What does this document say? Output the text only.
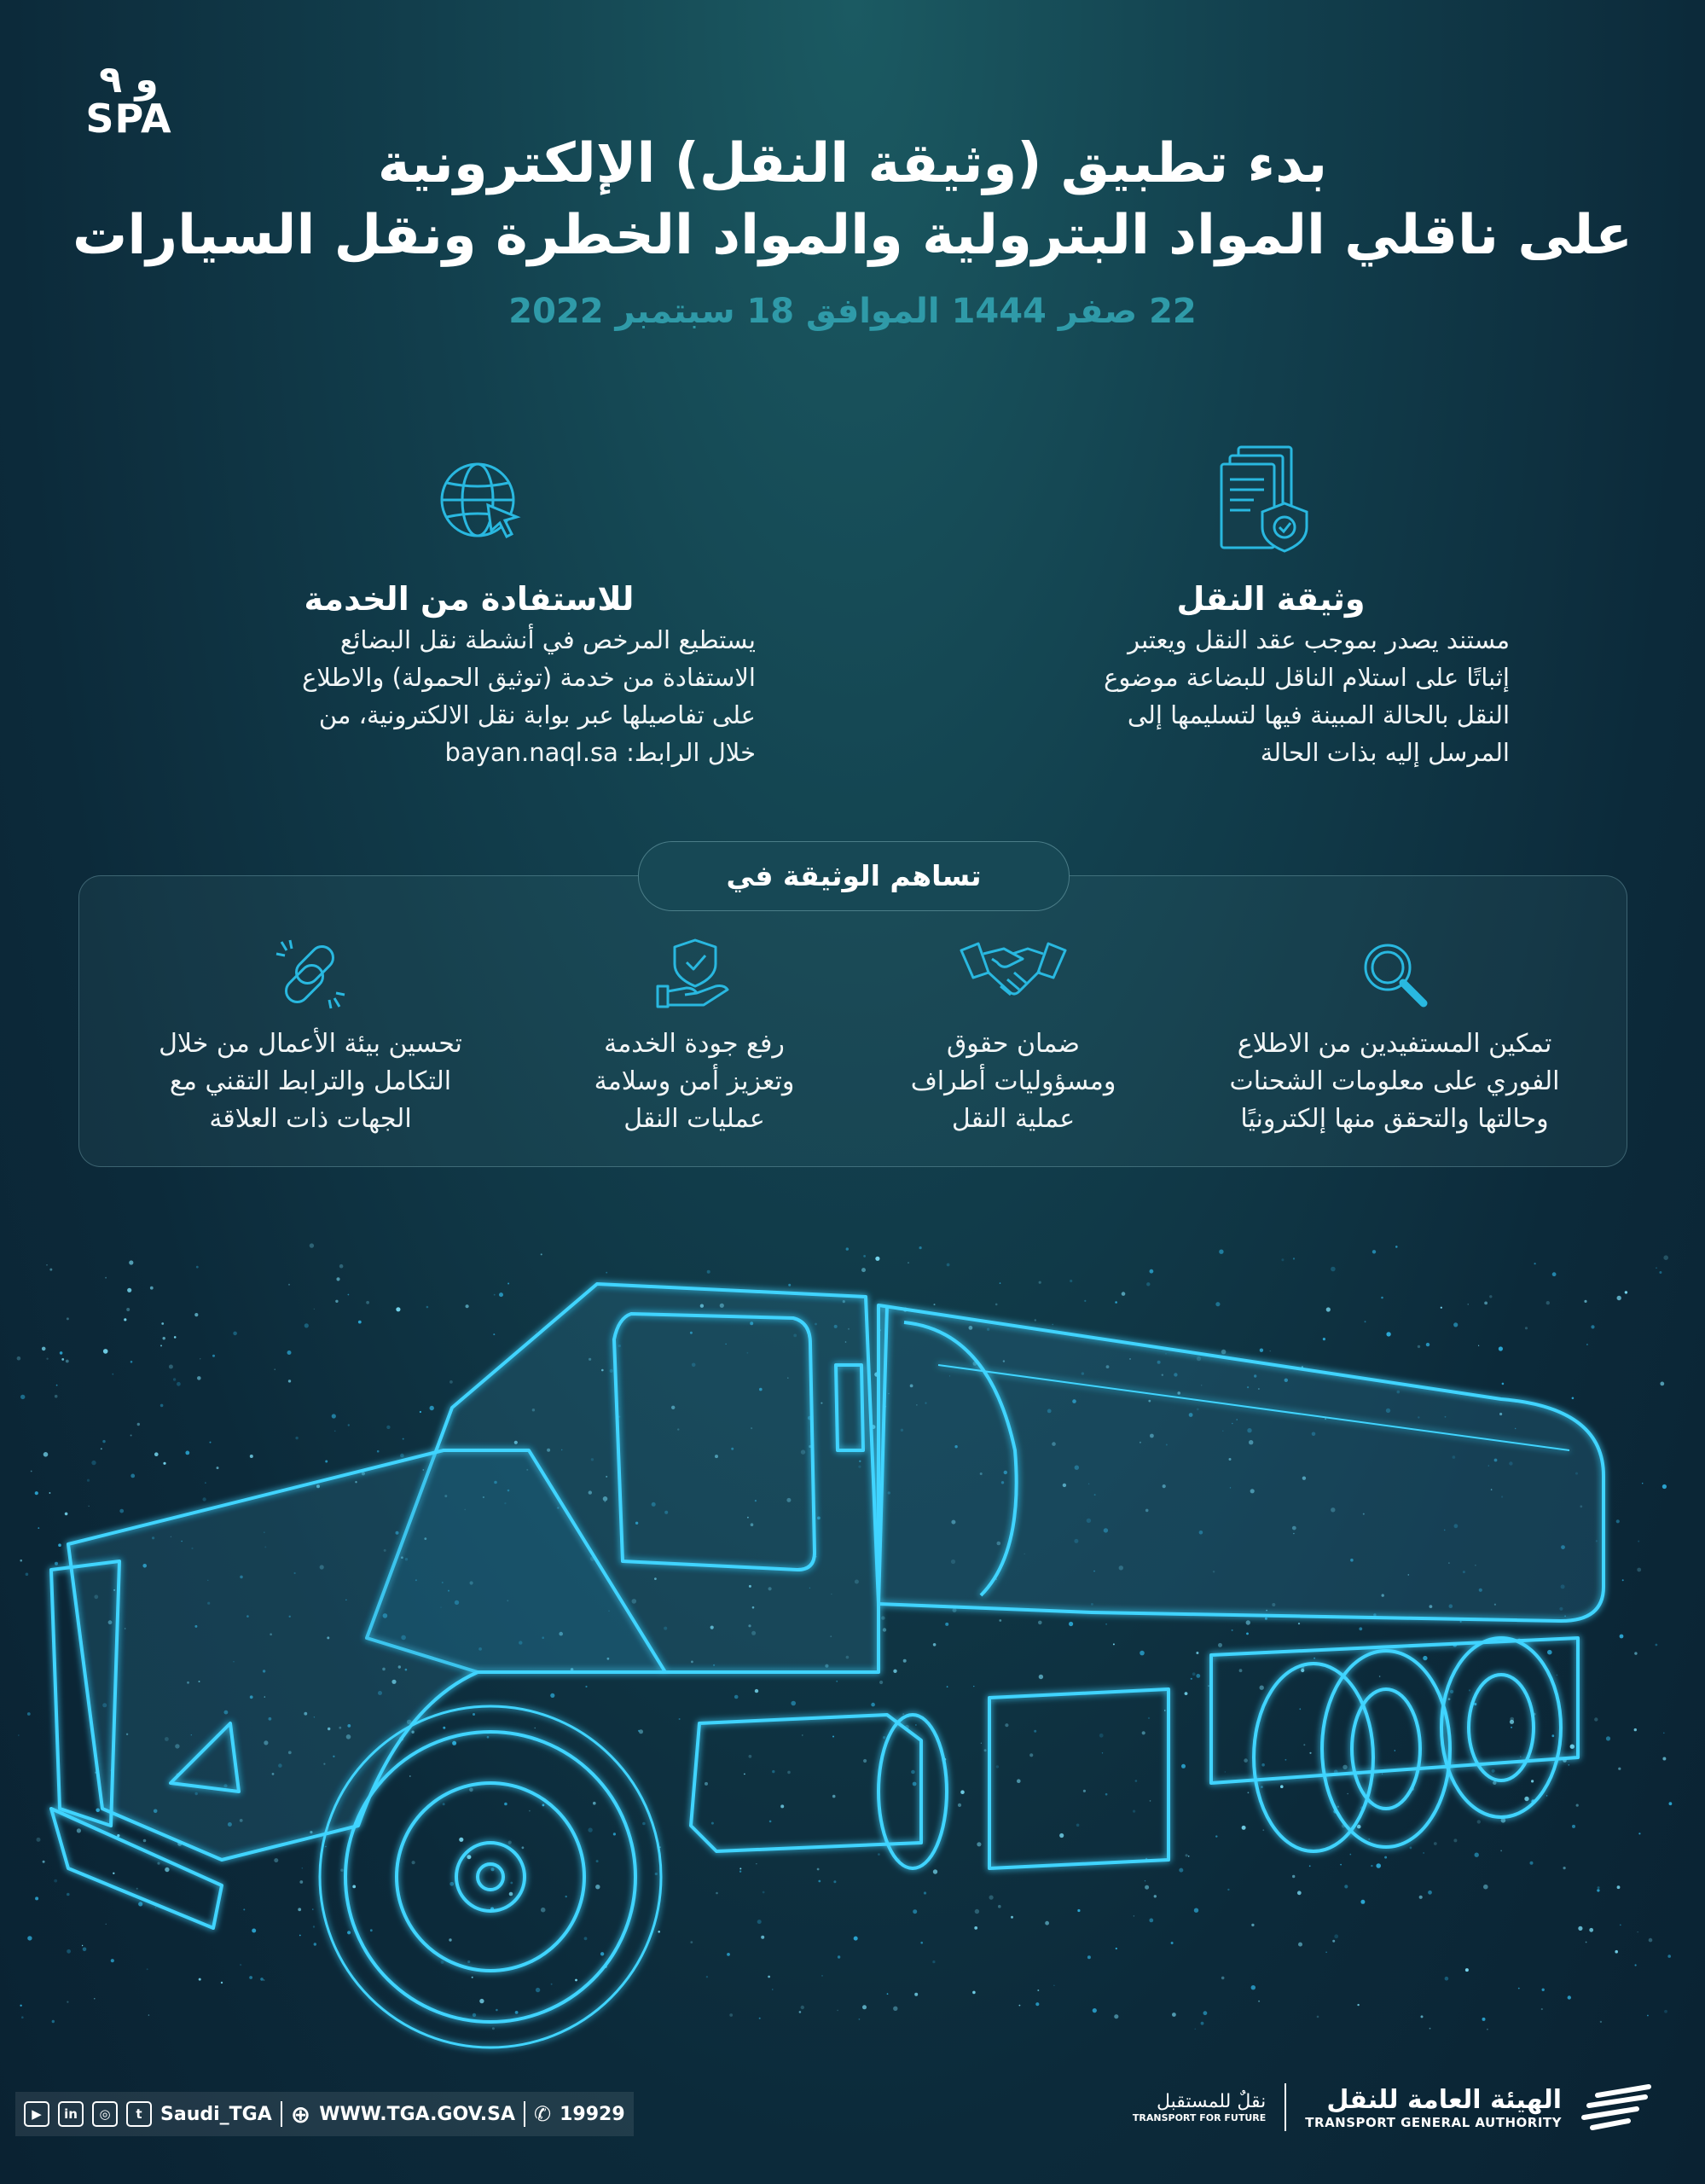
و ٩
SPA
بدء تطبيق (وثيقة النقل) الإلكترونية
على ناقلي المواد البترولية والمواد الخطرة ونقل السيارات
22 صفر 1444 الموافق 18 سبتمبر 2022
وثيقة النقل
مستند يصدر بموجب عقد النقل ويعتبر
إثباتًا على استلام الناقل للبضاعة موضوع
النقل بالحالة المبينة فيها لتسليمها إلى
المرسل إليه بذات الحالة
للاستفادة من الخدمة
يستطيع المرخص في أنشطة نقل البضائع
الاستفادة من خدمة (توثيق الحمولة) والاطلاع
على تفاصيلها عبر بوابة نقل الالكترونية، من
خلال الرابط: bayan.naql.sa
تساهم الوثيقة في
تمكين المستفيدين من الاطلاع
الفوري على معلومات الشحنات
وحالتها والتحقق منها إلكترونيًا
ضمان حقوق
ومسؤوليات أطراف
عملية النقل
رفع جودة الخدمة
وتعزيز أمن وسلامة
عمليات النقل
تحسين بيئة الأعمال من خلال
التكامل والترابط التقني مع
الجهات ذات العلاقة
▶	in	◎	t Saudi_TGA ⊕ WWW.TGA.GOV.SA ✆ 19929
نقلٌ للمستقبل
TRANSPORT FOR FUTURE
الهيئة العامة للنقل
TRANSPORT GENERAL AUTHORITY
